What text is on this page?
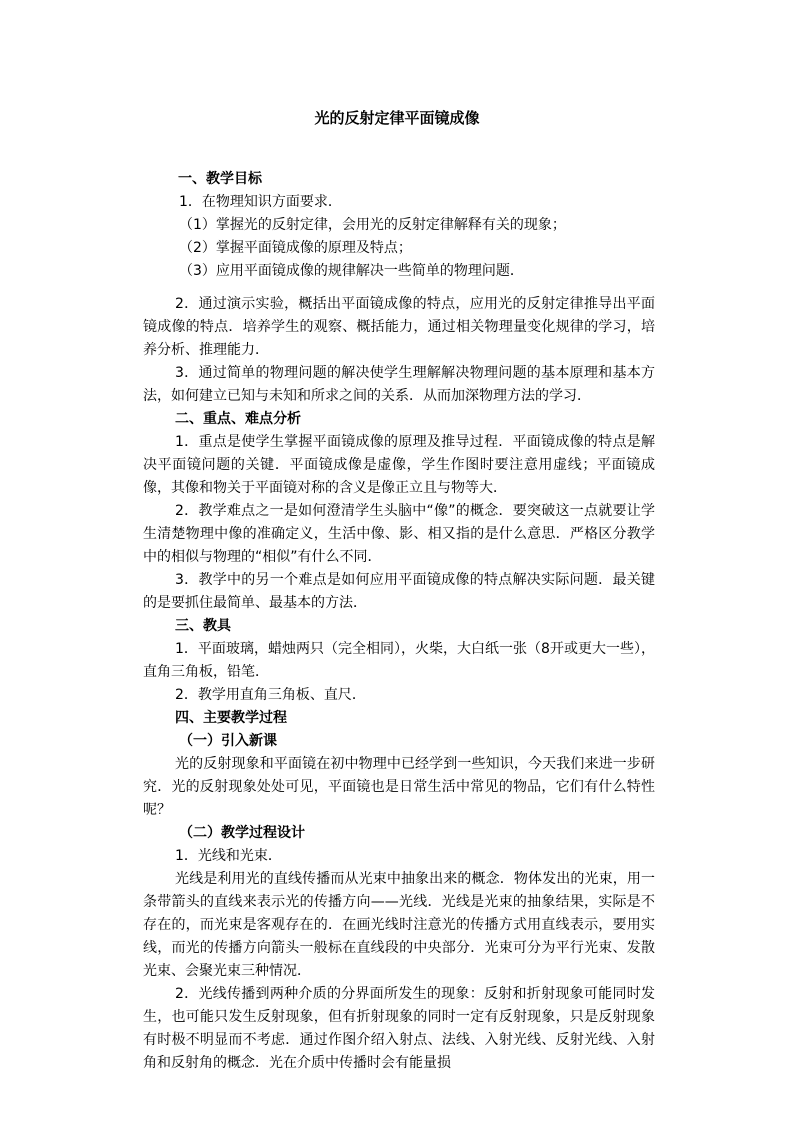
光的反射定律平面镜成像

一、教学目标

1．在物理知识方面要求．

（1）掌握光的反射定律，会用光的反射定律解释有关的现象；

（2）掌握平面镜成像的原理及特点；

（3）应用平面镜成像的规律解决一些简单的物理问题．

2．通过演示实验，概括出平面镜成像的特点，应用光的反射定律推导出平面镜成像的特点．培养学生的观察、概括能力，通过相关物理量变化规律的学习，培养分析、推理能力．

3．通过简单的物理问题的解决使学生理解解决物理问题的基本原理和基本方法，如何建立已知与未知和所求之间的关系．从而加深物理方法的学习．

二、重点、难点分析

1．重点是使学生掌握平面镜成像的原理及推导过程．平面镜成像的特点是解决平面镜问题的关键．平面镜成像是虚像，学生作图时要注意用虚线；平面镜成像，其像和物关于平面镜对称的含义是像正立且与物等大．

2．教学难点之一是如何澄清学生头脑中“像”的概念．要突破这一点就要让学生清楚物理中像的准确定义，生活中像、影、相又指的是什么意思．严格区分教学中的相似与物理的“相似”有什么不同．

3．教学中的另一个难点是如何应用平面镜成像的特点解决实际问题．最关键的是要抓住最简单、最基本的方法．

三、教具

1．平面玻璃，蜡烛两只（完全相同），火柴，大白纸一张（8开或更大一些），直角三角板，铅笔．

2．教学用直角三角板、直尺．

四、主要教学过程

（一）引入新课

光的反射现象和平面镜在初中物理中已经学到一些知识，今天我们来进一步研究．光的反射现象处处可见，平面镜也是日常生活中常见的物品，它们有什么特性呢？

（二）教学过程设计

1．光线和光束．

光线是利用光的直线传播而从光束中抽象出来的概念．物体发出的光束，用一条带箭头的直线来表示光的传播方向——光线．光线是光束的抽象结果，实际是不存在的，而光束是客观存在的．在画光线时注意光的传播方式用直线表示，要用实线，而光的传播方向箭头一般标在直线段的中央部分．光束可分为平行光束、发散光束、会聚光束三种情况．

2．光线传播到两种介质的分界面所发生的现象：反射和折射现象可能同时发生，也可能只发生反射现象，但有折射现象的同时一定有反射现象，只是反射现象有时极不明显而不考虑．通过作图介绍入射点、法线、入射光线、反射光线、入射角和反射角的概念．光在介质中传播时会有能量损
